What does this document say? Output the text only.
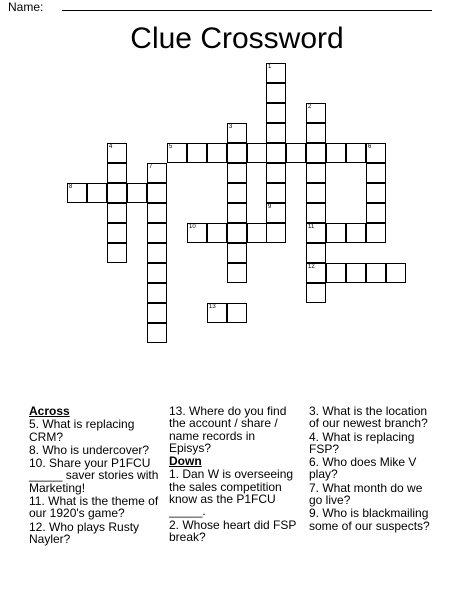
Name:
Clue Crossword
1
9
2
11
12
3
4	5	6
7
8
10
13

Across

5. What is replacing CRM?

8. Who is undercover?

10. Share your P1FCU _____ saver stories with Marketing!

11. What is the theme of our 1920's game?

12. Who plays Rusty Nayler?

13. Where do you find the account / share / name records in Episys?

Down

1. Dan W is overseeing the sales competition know as the P1FCU _____.

2. Whose heart did FSP break?

3. What is the location of our newest branch?

4. What is replacing FSP?

6. Who does Mike V play?

7. What month do we go live?

9. Who is blackmailing some of our suspects?
